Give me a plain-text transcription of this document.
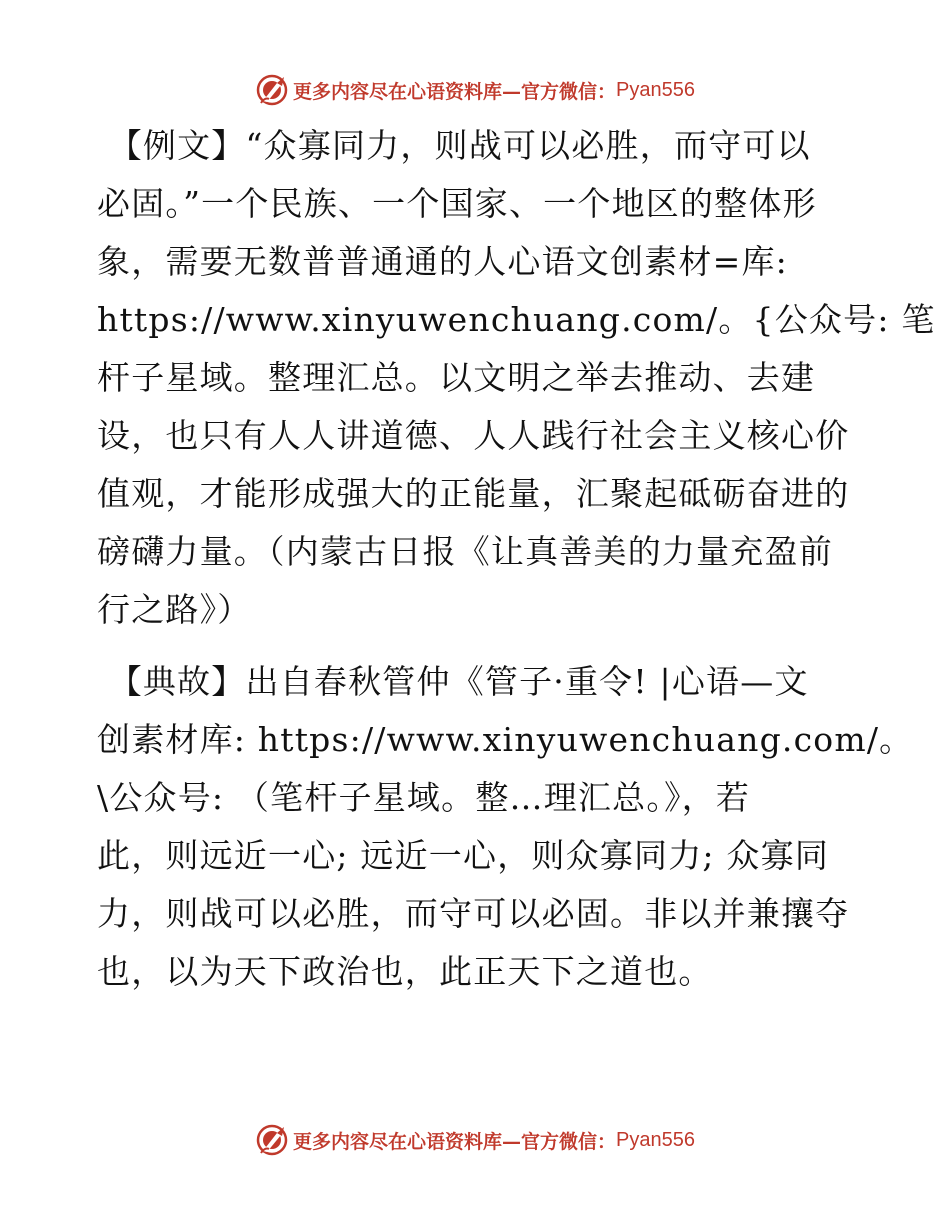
更多内容尽在心语资料库 —官方微信： Pyan556

【例文】“众寡同力，则战可以必胜，而守可以

必固。”一个民族、一个国家、一个地区的整体形

象，需要无数普普通通的人心语文创素材=库:

https://www.xinyuwenchuang.com/。{公众号: 笔

杆子星域。整理汇总。以文明之举去推动、去建

设，也只有人人讲道德、人人践行社会主义核心价

值观，才能形成强大的正能量，汇聚起砥砺奋进的

磅礴力量。（内蒙古日报《让真善美的力量充盈前

行之路》）

【典故】出自春秋管仲《管子·重令! |心语—文

创素材库: https://www.xinyuwenchuang.com/。

\公众号: （笔杆子星域。整…理汇总。》，若

此，则远近一心; 远近一心，则众寡同力; 众寡同

力，则战可以必胜，而守可以必固。非以并兼攘夺

也，以为天下政治也，此正天下之道也。

更多内容尽在心语资料库 —官方微信： Pyan556
